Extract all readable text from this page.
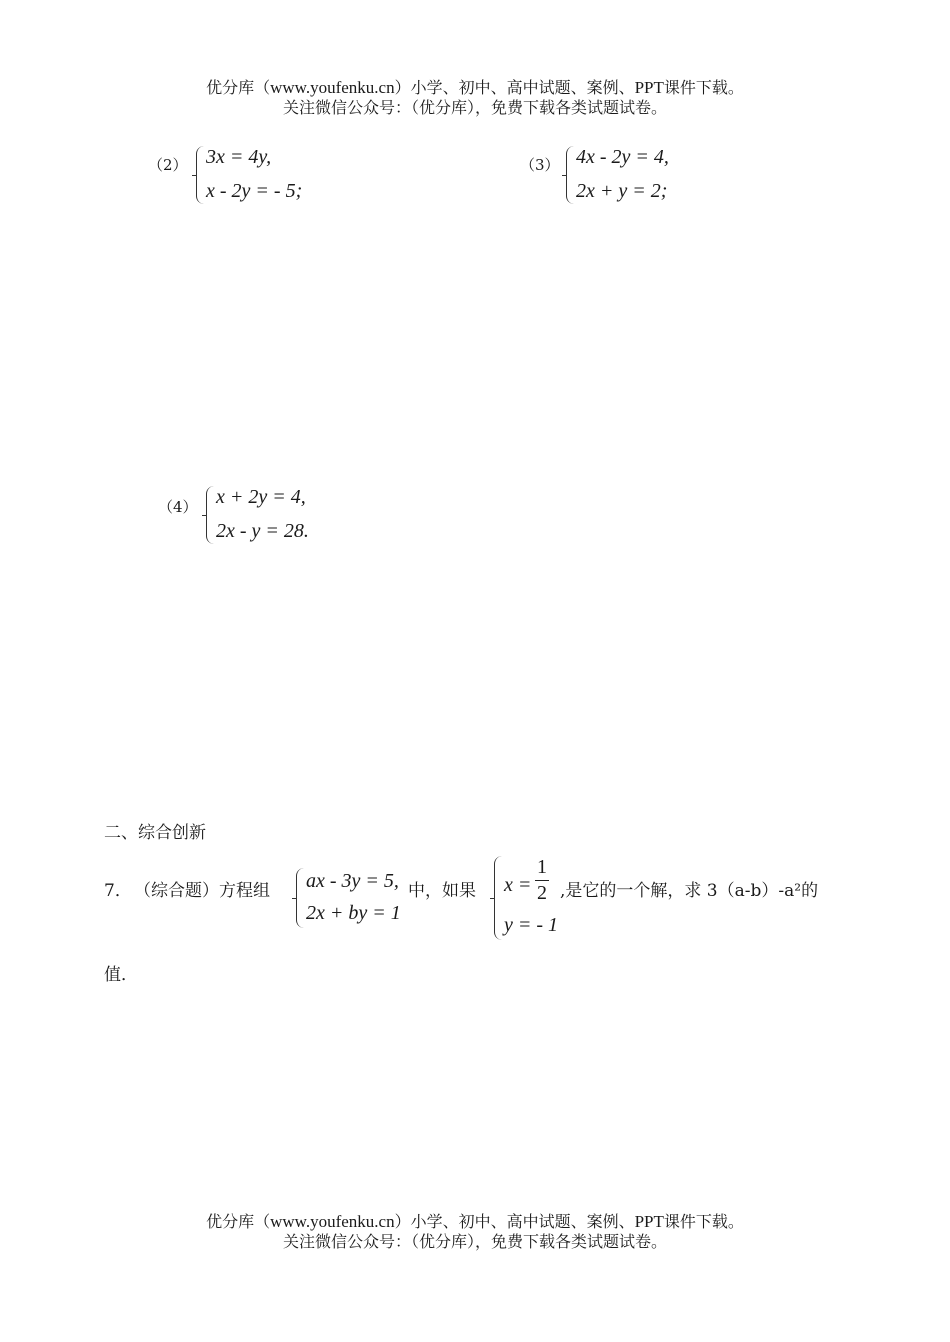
优分库（www.youfenku.cn）小学、初中、高中试题、案例、PPT课件下载。
关注微信公众号：（优分库），免费下载各类试题试卷。
（2） 3x = 4y,
x - 2y = - 5;
（3） 4x - 2y = 4,
2x + y = 2;
（4） x + 2y = 4,
2x - y = 28.
二、综合创新
7． （综合题）方程组 ax - 3y = 5,
2x + by = 1
中，如果 x =
1
2
y = - 1
,是它的一个解，求 3（a-b）-a²的
值．
优分库（www.youfenku.cn）小学、初中、高中试题、案例、PPT课件下载。
关注微信公众号：（优分库），免费下载各类试题试卷。
